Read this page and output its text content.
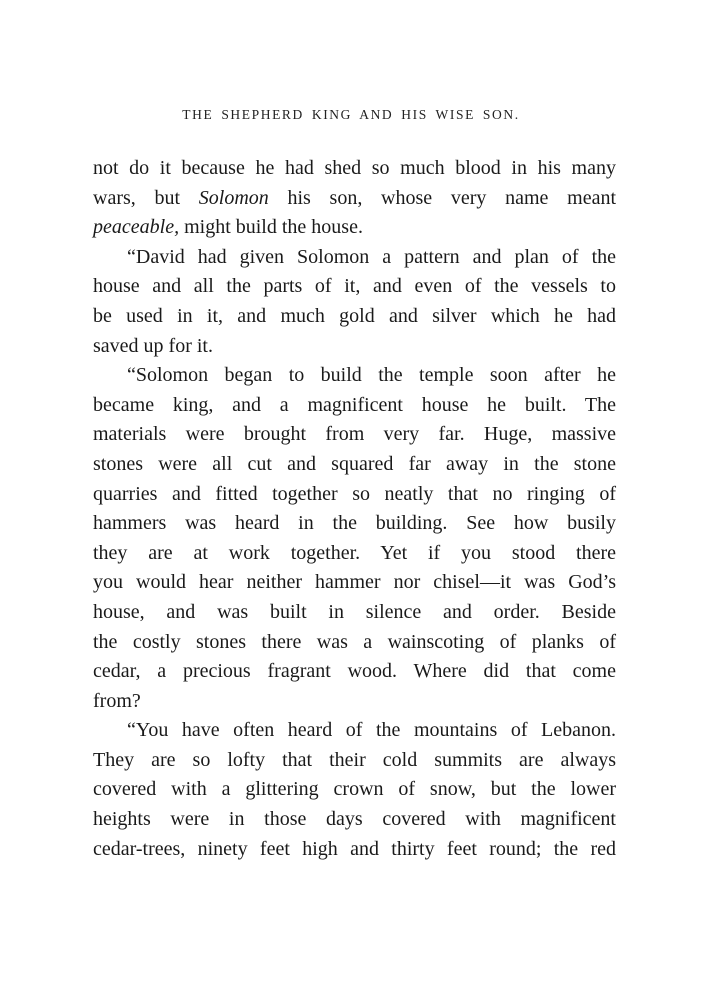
THE SHEPHERD KING AND HIS WISE SON.
not do it because he had shed so much blood in his many
wars, but Solomon his son, whose very name meant
peaceable, might build the house.
“David had given Solomon a pattern and plan of the
house and all the parts of it, and even of the vessels to
be used in it, and much gold and silver which he had
saved up for it.
“Solomon began to build the temple soon after he
became king, and a magnificent house he built. The
materials were brought from very far. Huge, massive
stones were all cut and squared far away in the stone
quarries and fitted together so neatly that no ringing of
hammers was heard in the building. See how busily
they are at work together. Yet if you stood there
you would hear neither hammer nor chisel—it was God’s
house, and was built in silence and order. Beside
the costly stones there was a wainscoting of planks of
cedar, a precious fragrant wood. Where did that come
from?
“You have often heard of the mountains of Lebanon.
They are so lofty that their cold summits are always
covered with a glittering crown of snow, but the lower
heights were in those days covered with magnificent
cedar-trees, ninety feet high and thirty feet round; the red
